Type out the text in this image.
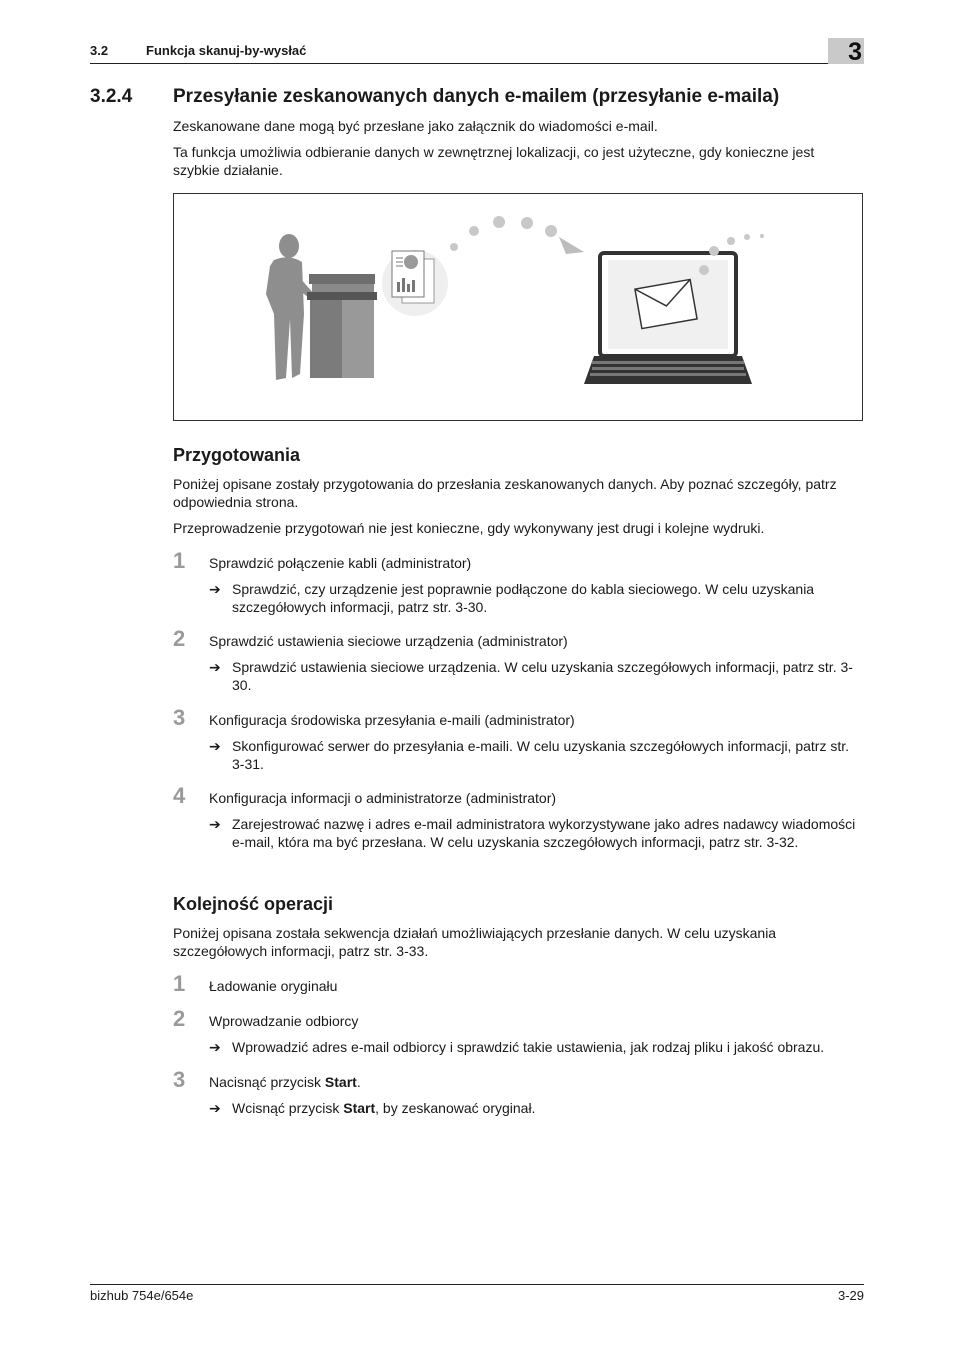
3.2	Funkcja skanuj-by-wysłać	3
3.2.4 Przesyłanie zeskanowanych danych e-mailem (przesyłanie e-maila)

Zeskanowane dane mogą być przesłane jako załącznik do wiadomości e-mail.

Ta funkcja umożliwia odbieranie danych w zewnętrznej lokalizacji, co jest użyteczne, gdy konieczne jest szybkie działanie.

Przygotowania

Poniżej opisane zostały przygotowania do przesłania zeskanowanych danych. Aby poznać szczegóły, patrz odpowiednia strona.

Przeprowadzenie przygotowań nie jest konieczne, gdy wykonywany jest drugi i kolejne wydruki.

1 Sprawdzić połączenie kabli (administrator)
➔ Sprawdzić, czy urządzenie jest poprawnie podłączone do kabla sieciowego. W celu uzyskania szczegółowych informacji, patrz str. 3-30.
2 Sprawdzić ustawienia sieciowe urządzenia (administrator)
➔ Sprawdzić ustawienia sieciowe urządzenia. W celu uzyskania szczegółowych informacji, patrz str. 3-30.
3 Konfiguracja środowiska przesyłania e-maili (administrator)
➔ Skonfigurować serwer do przesyłania e-maili. W celu uzyskania szczegółowych informacji, patrz str. 3-31.
4 Konfiguracja informacji o administratorze (administrator)
➔ Zarejestrować nazwę i adres e-mail administratora wykorzystywane jako adres nadawcy wiadomości e-mail, która ma być przesłana. W celu uzyskania szczegółowych informacji, patrz str. 3-32.
Kolejność operacji

Poniżej opisana została sekwencja działań umożliwiających przesłanie danych. W celu uzyskania szczegółowych informacji, patrz str. 3-33.

1 Ładowanie oryginału
2 Wprowadzanie odbiorcy
➔ Wprowadzić adres e-mail odbiorcy i sprawdzić takie ustawienia, jak rodzaj pliku i jakość obrazu.
3 Nacisnąć przycisk Start.
➔ Wcisnąć przycisk Start, by zeskanować oryginał.
bizhub 754e/654e	3-29
